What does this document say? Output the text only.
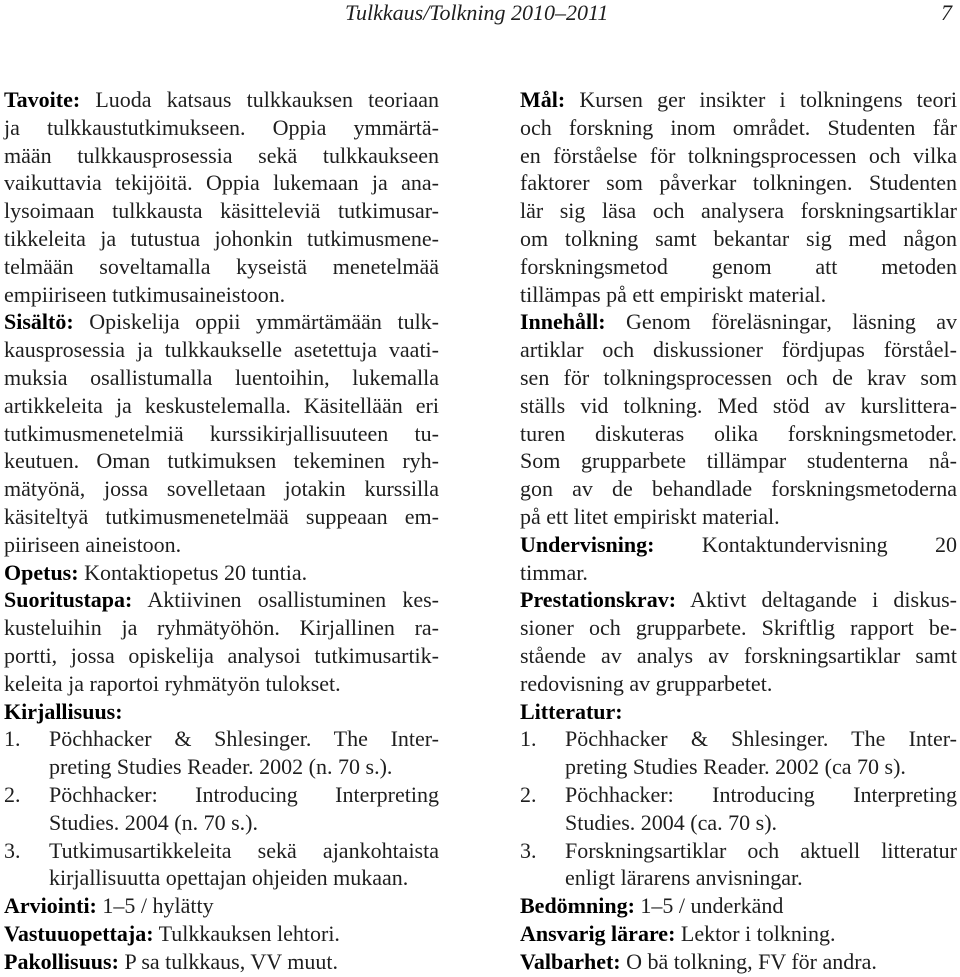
Tulkkaus/Tolkning 2010–2011	7
Tavoite: Luoda katsaus tulkkauksen teoriaan
ja tulkkaustutkimukseen. Oppia ymmärtä-
mään tulkkausprosessia sekä tulkkaukseen
vaikuttavia tekijöitä. Oppia lukemaan ja ana-
lysoimaan tulkkausta käsitteleviä tutkimusar-
tikkeleita ja tutustua johonkin tutkimusmene-
telmään soveltamalla kyseistä menetelmää
empiiriseen tutkimusaineistoon.
Sisältö: Opiskelija oppii ymmärtämään tulk-
kausprosessia ja tulkkaukselle asetettuja vaati-
muksia osallistumalla luentoihin, lukemalla
artikkeleita ja keskustelemalla. Käsitellään eri
tutkimusmenetelmiä kurssikirjallisuuteen tu-
keutuen. Oman tutkimuksen tekeminen ryh-
mätyönä, jossa sovelletaan jotakin kurssilla
käsiteltyä tutkimusmenetelmää suppeaan em-
piiriseen aineistoon.
Opetus: Kontaktiopetus 20 tuntia.
Suoritustapa: Aktiivinen osallistuminen kes-
kusteluihin ja ryhmätyöhön. Kirjallinen ra-
portti, jossa opiskelija analysoi tutkimusartik-
keleita ja raportoi ryhmätyön tulokset.
Kirjallisuus:
1.	Pöchhacker & Shlesinger. The Inter-
preting Studies Reader. 2002 (n. 70 s.).
2.	Pöchhacker: Introducing Interpreting
Studies. 2004 (n. 70 s.).
3.	Tutkimusartikkeleita sekä ajankohtaista
kirjallisuutta opettajan ohjeiden mukaan.
Arviointi: 1–5 / hylätty
Vastuuopettaja: Tulkkauksen lehtori.
Pakollisuus: P sa tulkkaus, VV muut.
Mål: Kursen ger insikter i tolkningens teori
och forskning inom området. Studenten får
en förståelse för tolkningsprocessen och vilka
faktorer som påverkar tolkningen. Studenten
lär sig läsa och analysera forskningsartiklar
om tolkning samt bekantar sig med någon
forskningsmetod genom att metoden
tillämpas på ett empiriskt material.
Innehåll: Genom föreläsningar, läsning av
artiklar och diskussioner fördjupas förståel-
sen för tolkningsprocessen och de krav som
ställs vid tolkning. Med stöd av kurslittera-
turen diskuteras olika forskningsmetoder.
Som grupparbete tillämpar studenterna nå-
gon av de behandlade forskningsmetoderna
på ett litet empiriskt material.
Undervisning: Kontaktundervisning 20
timmar.
Prestationskrav: Aktivt deltagande i diskus-
sioner och grupparbete. Skriftlig rapport be-
stående av analys av forskningsartiklar samt
redovisning av grupparbetet.
Litteratur:
1.	Pöchhacker & Shlesinger. The Inter-
preting Studies Reader. 2002 (ca 70 s).
2.	Pöchhacker: Introducing Interpreting
Studies. 2004 (ca. 70 s).
3.	Forskningsartiklar och aktuell litteratur
enligt lärarens anvisningar.
Bedömning: 1–5 / underkänd
Ansvarig lärare: Lektor i tolkning.
Valbarhet: O bä tolkning, FV för andra.
